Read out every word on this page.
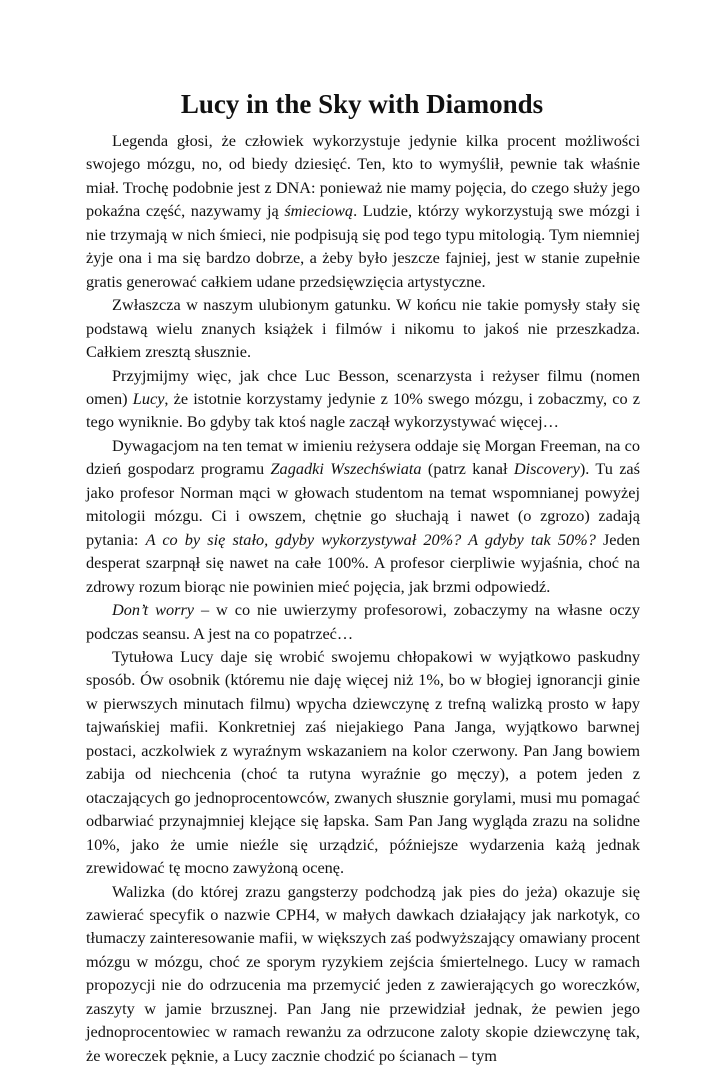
Lucy in the Sky with Diamonds

Legenda głosi, że człowiek wykorzystuje jedynie kilka procent możliwości swojego mózgu, no, od biedy dziesięć. Ten, kto to wymyślił, pewnie tak właśnie miał. Trochę podobnie jest z DNA: ponieważ nie mamy pojęcia, do czego służy jego pokaźna część, nazywamy ją śmieciową. Ludzie, którzy wykorzystują swe mózgi i nie trzymają w nich śmieci, nie podpisują się pod tego typu mitologią. Tym niemniej żyje ona i ma się bardzo dobrze, a żeby było jeszcze fajniej, jest w stanie zupełnie gratis generować całkiem udane przedsięwzięcia artystyczne.

Zwłaszcza w naszym ulubionym gatunku. W końcu nie takie pomysły stały się podstawą wielu znanych książek i filmów i nikomu to jakoś nie przeszkadza. Całkiem zresztą słusznie.

Przyjmijmy więc, jak chce Luc Besson, scenarzysta i reżyser filmu (nomen omen) Lucy, że istotnie korzystamy jedynie z 10% swego mózgu, i zobaczmy, co z tego wyniknie. Bo gdyby tak ktoś nagle zaczął wykorzystywać więcej…

Dywagacjom na ten temat w imieniu reżysera oddaje się Morgan Freeman, na co dzień gospodarz programu Zagadki Wszechświata (patrz kanał Discovery). Tu zaś jako profesor Norman mąci w głowach studentom na temat wspomnianej powyżej mitologii mózgu. Ci i owszem, chętnie go słuchają i nawet (o zgrozo) zadają pytania: A co by się stało, gdyby wykorzystywał 20%? A gdyby tak 50%? Jeden desperat szarpnął się nawet na całe 100%. A profesor cierpliwie wyjaśnia, choć na zdrowy rozum biorąc nie powinien mieć pojęcia, jak brzmi odpowiedź.

Don’t worry – w co nie uwierzymy profesorowi, zobaczymy na własne oczy podczas seansu. A jest na co popatrzeć…

Tytułowa Lucy daje się wrobić swojemu chłopakowi w wyjątkowo paskudny sposób. Ów osobnik (któremu nie daję więcej niż 1%, bo w błogiej ignorancji ginie w pierwszych minutach filmu) wpycha dziewczynę z trefną walizką prosto w łapy tajwańskiej mafii. Konkretniej zaś niejakiego Pana Janga, wyjątkowo barwnej postaci, aczkolwiek z wyraźnym wskazaniem na kolor czerwony. Pan Jang bowiem zabija od niechcenia (choć ta rutyna wyraźnie go męczy), a potem jeden z otaczających go jednoprocentowców, zwanych słusznie gorylami, musi mu pomagać odbarwiać przynajmniej klejące się łapska. Sam Pan Jang wygląda zrazu na solidne 10%, jako że umie nieźle się urządzić, późniejsze wydarzenia każą jednak zrewidować tę mocno zawyżoną ocenę.

Walizka (do której zrazu gangsterzy podchodzą jak pies do jeża) okazuje się zawierać specyfik o nazwie CPH4, w małych dawkach działający jak narkotyk, co tłumaczy zainteresowanie mafii, w większych zaś podwyższający omawiany procent mózgu w mózgu, choć ze sporym ryzykiem zejścia śmiertelnego. Lucy w ramach propozycji nie do odrzucenia ma przemycić jeden z zawierających go woreczków, zaszyty w jamie brzusznej. Pan Jang nie przewidział jednak, że pewien jego jednoprocentowiec w ramach rewanżu za odrzucone zaloty skopie dziewczynę tak, że woreczek pęknie, a Lucy zacznie chodzić po ścianach – tym
